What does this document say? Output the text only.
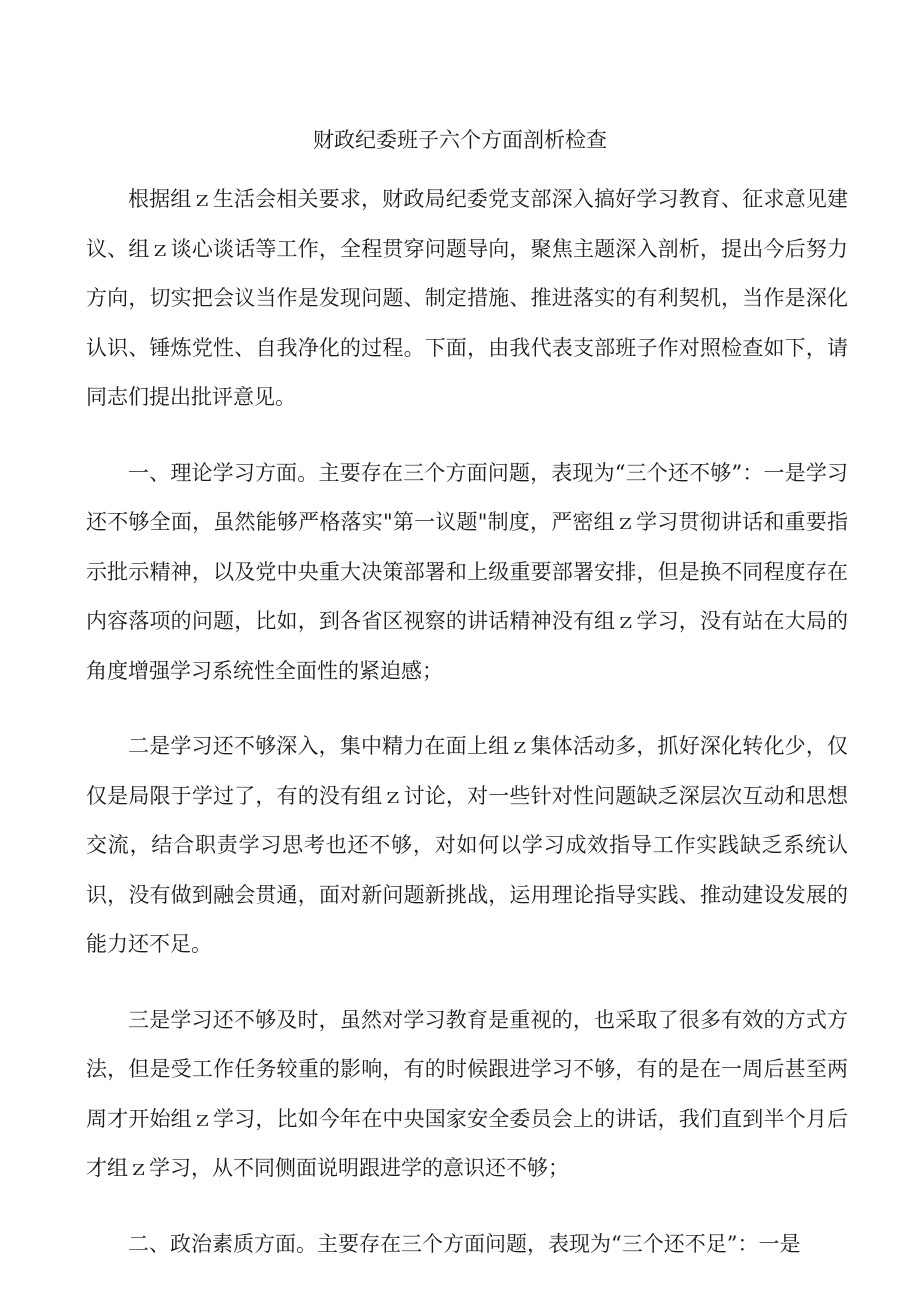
财政纪委班子六个方面剖析检查

根据组ｚ生活会相关要求，财政局纪委党支部深入搞好学习教育、征求意见建议、组ｚ谈心谈话等工作，全程贯穿问题导向，聚焦主题深入剖析，提出今后努力方向，切实把会议当作是发现问题、制定措施、推进落实的有利契机，当作是深化认识、锤炼党性、自我净化的过程。下面，由我代表支部班子作对照检查如下，请同志们提出批评意见。

一、理论学习方面。主要存在三个方面问题，表现为“三个还不够”：一是学习还不够全面，虽然能够严格落实"第一议题"制度，严密组ｚ学习贯彻讲话和重要指示批示精神，以及党中央重大决策部署和上级重要部署安排，但是换不同程度存在内容落项的问题，比如，到各省区视察的讲话精神没有组ｚ学习，没有站在大局的角度增强学习系统性全面性的紧迫感；

二是学习还不够深入，集中精力在面上组ｚ集体活动多，抓好深化转化少，仅仅是局限于学过了，有的没有组ｚ讨论，对一些针对性问题缺乏深层次互动和思想交流，结合职责学习思考也还不够，对如何以学习成效指导工作实践缺乏系统认识，没有做到融会贯通，面对新问题新挑战，运用理论指导实践、推动建设发展的能力还不足。

三是学习还不够及时，虽然对学习教育是重视的，也采取了很多有效的方式方法，但是受工作任务较重的影响，有的时候跟进学习不够，有的是在一周后甚至两周才开始组ｚ学习，比如今年在中央国家安全委员会上的讲话，我们直到半个月后才组ｚ学习，从不同侧面说明跟进学的意识还不够；

二、政治素质方面。主要存在三个方面问题，表现为“三个还不足”：一是
